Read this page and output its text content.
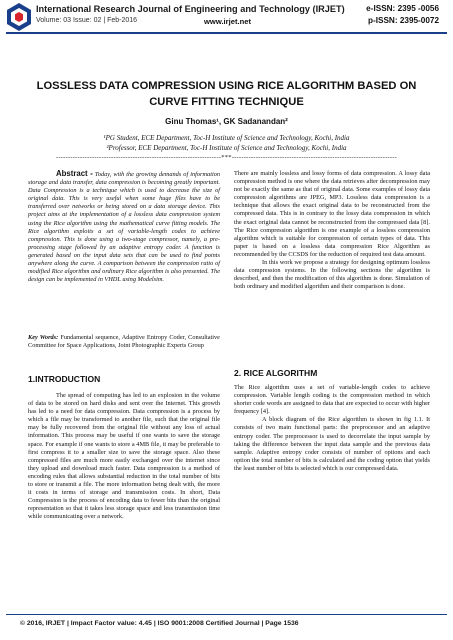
International Research Journal of Engineering and Technology (IRJET)	e-ISSN: 2395 -0056
Volume: 03 Issue: 02 | Feb-2016	www.irjet.net	p-ISSN: 2395-0072
LOSSLESS DATA COMPRESSION USING RICE ALGORITHM BASED ON
CURVE FITTING TECHNIQUE
Ginu Thomas¹, GK Sadanandan²
¹PG Student, ECE Department, Toc-H Institute of Science and Technology, Kochi, India
²Professor, ECE Department, Toc-H Institute of Science and Technology, Kochi, India
---------------------------------------------------------------------***---------------------------------------------------------------------
Abstract - Today, with the growing demands of information storage and data transfer, data compression is becoming greatly important. Data Compression is a technique which is used to decrease the size of original data. This is very useful when some huge files have to be transferred over networks or being stored on a data storage device. This project aims at the implementation of a lossless data compression system using the Rice algorithm using the mathematical curve fitting models. The Rice algorithm exploits a set of variable-length codes to achieve compression. This is done using a two-stage compressor, namely, a pre-processing stage followed by an adaptive entropy coder. A function is generated based on the input data sets that can be used to find points anywhere along the curve. A comparison between the compression ratio of modified Rice algorithm and ordinary Rice algorithm is also presented. The design can be implemented in VHDL using Modelsim.
Key Words: Fundamental sequence, Adaptive Entropy Coder, Consultative Committee for Space Applications, Joint Photographic Experts Group
1.INTRODUCTION
The spread of computing has led to an explosion in the volume of data to be stored on hard disks and sent over the Internet. This growth has led to a need for data compression. Data compression is a process by which a file may be transformed to another file, such that the original file may be fully recovered from the original file without any loss of actual information. This process may be useful if one wants to save the storage space. For example if one wants to store a 4MB file, it may be preferable to first compress it to a smaller size to save the storage space. Also these compressed files are much more easily exchanged over the internet since they upload and download much faster. Data compression is a method of encoding rules that allows substantial reduction in the total number of bits to store or transmit a file. The more information being dealt with, the more it costs in terms of storage and transmission costs. In short, Data Compression is the process of encoding data to fewer bits than the original representation so that it takes less storage space and less transmission time while communicating over a network.
There are mainly lossless and lossy forms of data compression. A lossy data compression method is one where the data retrieves after decompression may not be exactly the same as that of original data. Some examples of lossy data compression algorithms are JPEG, MP3. Lossless data compression is a technique that allows the exact original data to be reconstructed from the compressed data. This is in contrary to the lossy data compression in which the exact original data cannot be reconstructed from the compressed data [8]. The Rice compression algorithm is one example of a lossless compression algorithm which is suitable for compression of certain types of data. This paper is based on a lossless data compression Rice Algorithm as recommended by the CCSDS for the reduction of required test data amount.
In this work we propose a strategy for designing optimum lossless data compression systems. In the following sections the algorithm is described, and then the modification of this algorithm is done. Simulation of both ordinary and modified algorithm and their comparison is done.
2. RICE ALGORITHM
The Rice algorithm uses a set of variable-length codes to achieve compression. Variable length coding is the compression method in which shorter code words are assigned to data that are expected to occur with higher frequency [4].
A block diagram of the Rice algorithm is shown in fig 1.1. It consists of two main functional parts: the preprocessor and an adaptive entropy coder. The preprocessor is used to decorrelate the input sample by taking the difference between the input data sample and the previous data sample. Adaptive entropy coder consists of number of options and each option the total number of bits is calculated and the coding option that yields the least number of bits is selected which is our compressed data.
© 2016, IRJET | Impact Factor value: 4.45 | ISO 9001:2008 Certified Journal | Page 1536
